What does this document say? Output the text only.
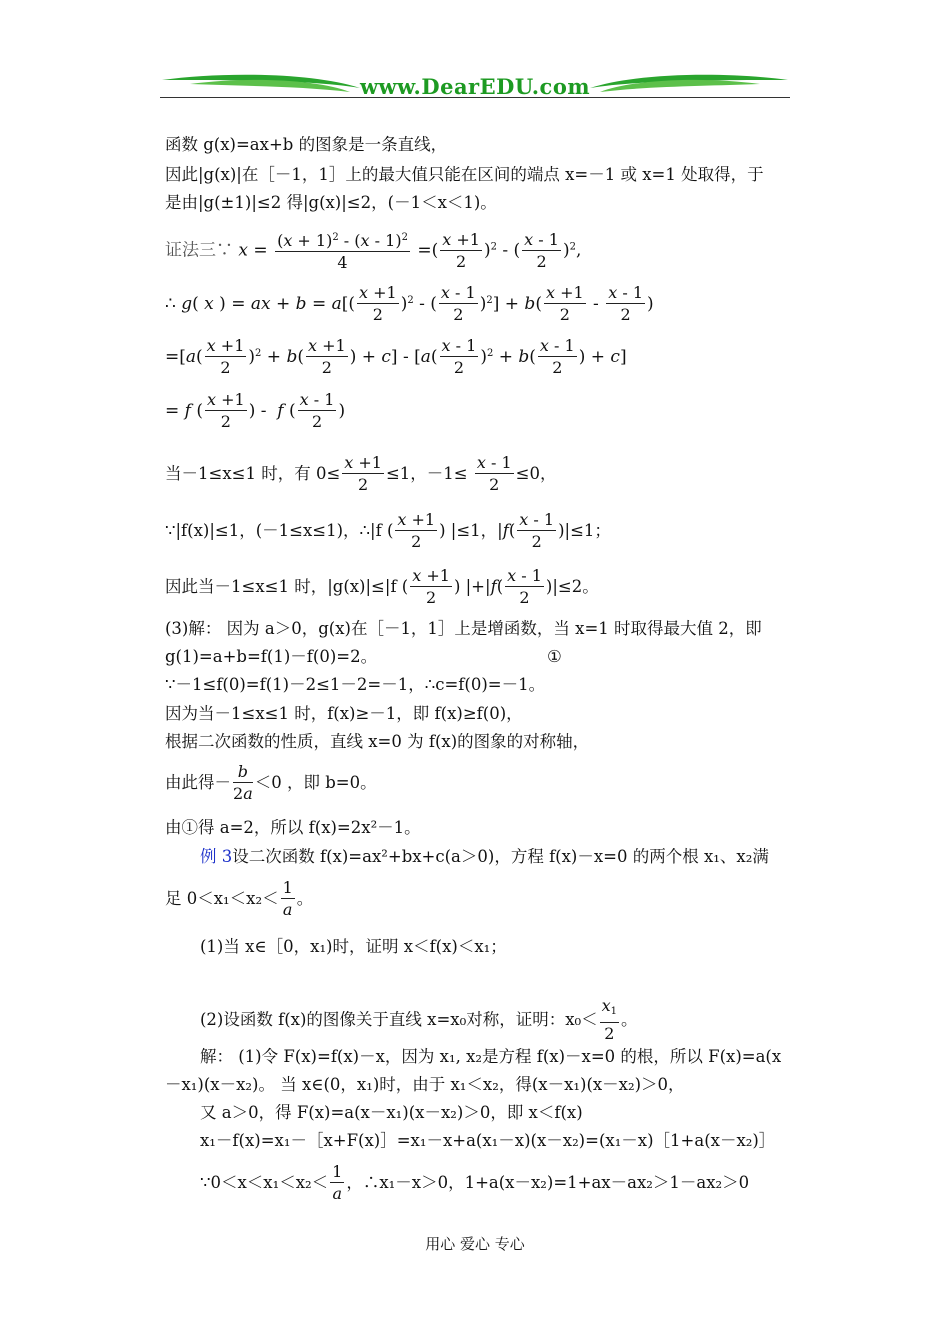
www.DearEDU.com
函数 g(x)=ax+b 的图象是一条直线，
因此|g(x)|在［－1，1］上的最大值只能在区间的端点 x=－1 或 x=1 处取得，于
是由|g(±1)|≤2 得|g(x)|≤2，(－1＜x＜1)。
证法三∵ $x = \frac{(x + 1)^2 - (x - 1)^2}{4}$ =( $\frac{x +1}{2} )^2$ - ( $\frac{x - 1}{2} )^2$,
∴ g( x ) = ax + $b = a[( \frac{x +1}{2} )^2$ - ( $\frac{x - 1}{2} )^2] + b( \frac{x +1}{2} - \frac{x - 1}{2}$ )
$=[a( \frac{x +1}{2} )^2 + b( \frac{x +1}{2}$ ) + $c] - [a( \frac{x - 1}{2} )^2 + b( \frac{x - 1}{2}$ ) + c]
= f ( $\frac{x +1}{2}$ ) -  f ( $\frac{x - 1}{2}$ )
当－1≤x≤1 时，有 $0\le \frac{x +1}{2} \le 1$，$-1\le \frac{x - 1}{2} \le 0$，
∵|f(x)|≤1，(－1≤x≤1)，∴|f ( $\frac{x +1}{2}$ ) |≤1，$|f( \frac{x - 1}{2} )|\le 1$；
因此当－1≤x≤1 时，|g(x)|≤|f ( $\frac{x +1}{2}$ ) $|+|f( \frac{x - 1}{2} )|\le 2$。
(3)解： 因为 a＞0，g(x)在［－1，1］上是增函数，当 x=1 时取得最大值 2，即
g(1)=a+b=f(1)－f(0)=2。	①
∵－1≤f(0)=f(1)－2≤1－2=－1，∴c=f(0)=－1。
因为当－1≤x≤1 时，f(x)≥－1，即 f(x)≥f(0)，
根据二次函数的性质，直线 x=0 为 f(x)的图象的对称轴，
由此得－ $\frac{b}{2a} <0$ ，即 b=0。
由①得 a=2，所以 f(x)=2x²－1。
例 3设二次函数 f(x)=ax²+bx+c(a＞0)，方程 f(x)－x=0 的两个根 x₁、x₂满
足 $0<x_1<x_2< \frac{1}{a}$ 。
(1)当 x∈［0，x₁)时，证明 x＜f(x)＜x₁；
(2)设函数 f(x)的图像关于直线 x=x₀对称，证明：$x_0< \frac{x_1}{2}$ 。
解： (1)令 F(x)=f(x)－x，因为 x₁, x₂是方程 f(x)－x=0 的根，所以 F(x)=a(x
－x₁)(x－x₂)。 当 x∈(0，x₁)时，由于 x₁＜x₂，得(x－x₁)(x－x₂)＞0，
又 a＞0，得 F(x)=a(x－x₁)(x－x₂)＞0，即 x＜f(x)
x₁－f(x)=x₁－［x+F(x)］=x₁－x+a(x₁－x)(x－x₂)=(x₁－x)［1+a(x－x₂)］
∵0＜x＜x₁＜x₂＜ $\frac{1}{a}$ ，∴x₁－x＞0，1+a(x－x₂)=1+ax－ax₂＞1－ax₂＞0
用心 爱心 专心
